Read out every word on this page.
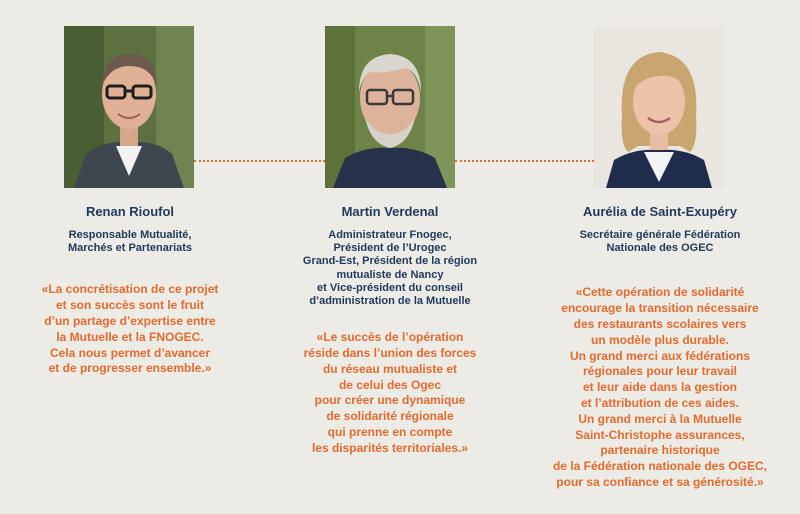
Renan Rioufol

Responsable Mutualité,
Marchés et Partenariats

«La concrétisation de ce projet
et son succès sont le fruit
d’un partage d’expertise entre
la Mutuelle et la FNOGEC.
Cela nous permet d’avancer
et de progresser ensemble.»

Martin Verdenal

Administrateur Fnogec,
Président de l’Urogec
Grand-Est, Président de la région
mutualiste de Nancy
et Vice-président du conseil
d’administration de la Mutuelle

«Le succès de l’opération
réside dans l’union des forces
du réseau mutualiste et
de celui des Ogec
pour créer une dynamique
de solidarité régionale
qui prenne en compte
les disparités territoriales.»

Aurélia de Saint-Exupéry

Secrétaire générale Fédération
Nationale des OGEC

«Cette opération de solidarité
encourage la transition nécessaire
des restaurants scolaires vers
un modèle plus durable.
Un grand merci aux fédérations
régionales pour leur travail
et leur aide dans la gestion
et l’attribution de ces aides.
Un grand merci à la Mutuelle
Saint-Christophe assurances,
partenaire historique
de la Fédération nationale des OGEC,
pour sa confiance et sa générosité.»
